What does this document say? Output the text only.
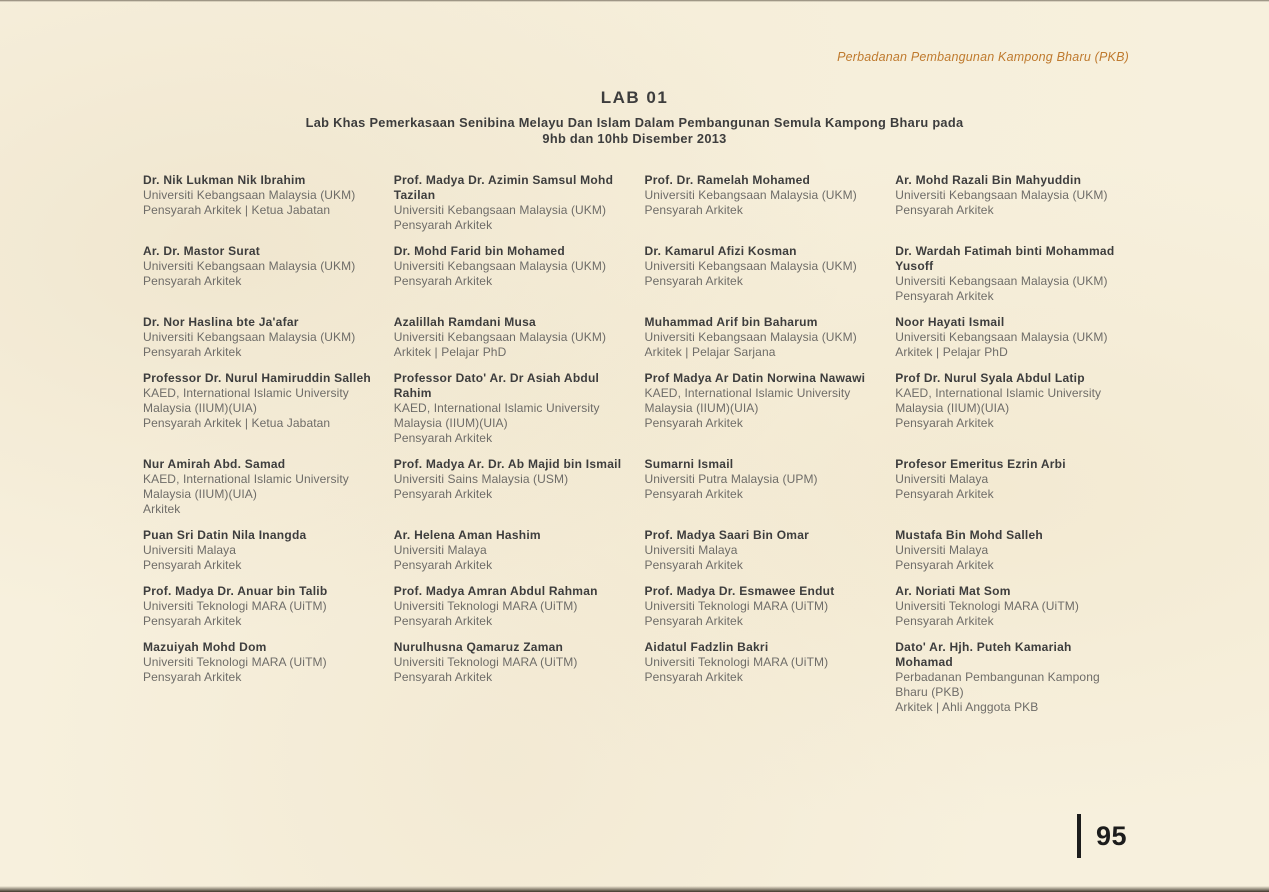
Perbadanan Pembangunan Kampong Bharu (PKB)
LAB 01
Lab Khas Pemerkasaan Senibina Melayu Dan Islam Dalam Pembangunan Semula Kampong Bharu pada
9hb dan 10hb Disember 2013
Dr. Nik Lukman Nik Ibrahim
Universiti Kebangsaan Malaysia (UKM)
Pensyarah Arkitek | Ketua Jabatan
Prof. Madya Dr. Azimin Samsul Mohd Tazilan
Universiti Kebangsaan Malaysia (UKM)
Pensyarah Arkitek
Prof. Dr. Ramelah Mohamed
Universiti Kebangsaan Malaysia (UKM)
Pensyarah Arkitek
Ar. Mohd Razali Bin Mahyuddin
Universiti Kebangsaan Malaysia (UKM)
Pensyarah Arkitek
Ar. Dr. Mastor Surat
Universiti Kebangsaan Malaysia (UKM)
Pensyarah Arkitek
Dr. Mohd Farid bin Mohamed
Universiti Kebangsaan Malaysia (UKM)
Pensyarah Arkitek
Dr. Kamarul Afizi Kosman
Universiti Kebangsaan Malaysia (UKM)
Pensyarah Arkitek
Dr. Wardah Fatimah binti Mohammad Yusoff
Universiti Kebangsaan Malaysia (UKM)
Pensyarah Arkitek
Dr. Nor Haslina bte Ja'afar
Universiti Kebangsaan Malaysia (UKM)
Pensyarah Arkitek
Azalillah Ramdani Musa
Universiti Kebangsaan Malaysia (UKM)
Arkitek | Pelajar PhD
Muhammad Arif bin Baharum
Universiti Kebangsaan Malaysia (UKM)
Arkitek | Pelajar Sarjana
Noor Hayati Ismail
Universiti Kebangsaan Malaysia (UKM)
Arkitek | Pelajar PhD
Professor Dr. Nurul Hamiruddin Salleh
KAED, International Islamic University Malaysia (IIUM)(UIA)
Pensyarah Arkitek | Ketua Jabatan
Professor Dato' Ar. Dr Asiah Abdul Rahim
KAED, International Islamic University Malaysia (IIUM)(UIA)
Pensyarah Arkitek
Prof Madya Ar Datin Norwina Nawawi
KAED, International Islamic University Malaysia (IIUM)(UIA)
Pensyarah Arkitek
Prof Dr. Nurul Syala Abdul Latip
KAED, International Islamic University Malaysia (IIUM)(UIA)
Pensyarah Arkitek
Nur Amirah Abd. Samad
KAED, International Islamic University Malaysia (IIUM)(UIA)
Arkitek
Prof. Madya Ar. Dr. Ab Majid bin Ismail
Universiti Sains Malaysia (USM)
Pensyarah Arkitek
Sumarni Ismail
Universiti Putra Malaysia (UPM)
Pensyarah Arkitek
Profesor Emeritus Ezrin Arbi
Universiti Malaya
Pensyarah Arkitek
Puan Sri Datin Nila Inangda
Universiti Malaya
Pensyarah Arkitek
Ar. Helena Aman Hashim
Universiti Malaya
Pensyarah Arkitek
Prof. Madya Saari Bin Omar
Universiti Malaya
Pensyarah Arkitek
Mustafa Bin Mohd Salleh
Universiti Malaya
Pensyarah Arkitek
Prof. Madya Dr. Anuar bin Talib
Universiti Teknologi MARA (UiTM)
Pensyarah Arkitek
Prof. Madya Amran Abdul Rahman
Universiti Teknologi MARA (UiTM)
Pensyarah Arkitek
Prof. Madya Dr. Esmawee Endut
Universiti Teknologi MARA (UiTM)
Pensyarah Arkitek
Ar. Noriati Mat Som
Universiti Teknologi MARA (UiTM)
Pensyarah Arkitek
Mazuiyah Mohd Dom
Universiti Teknologi MARA (UiTM)
Pensyarah Arkitek
Nurulhusna Qamaruz Zaman
Universiti Teknologi MARA (UiTM)
Pensyarah Arkitek
Aidatul Fadzlin Bakri
Universiti Teknologi MARA (UiTM)
Pensyarah Arkitek
Dato' Ar. Hjh. Puteh Kamariah Mohamad
Perbadanan Pembangunan Kampong Bharu (PKB)
Arkitek | Ahli Anggota PKB
95
